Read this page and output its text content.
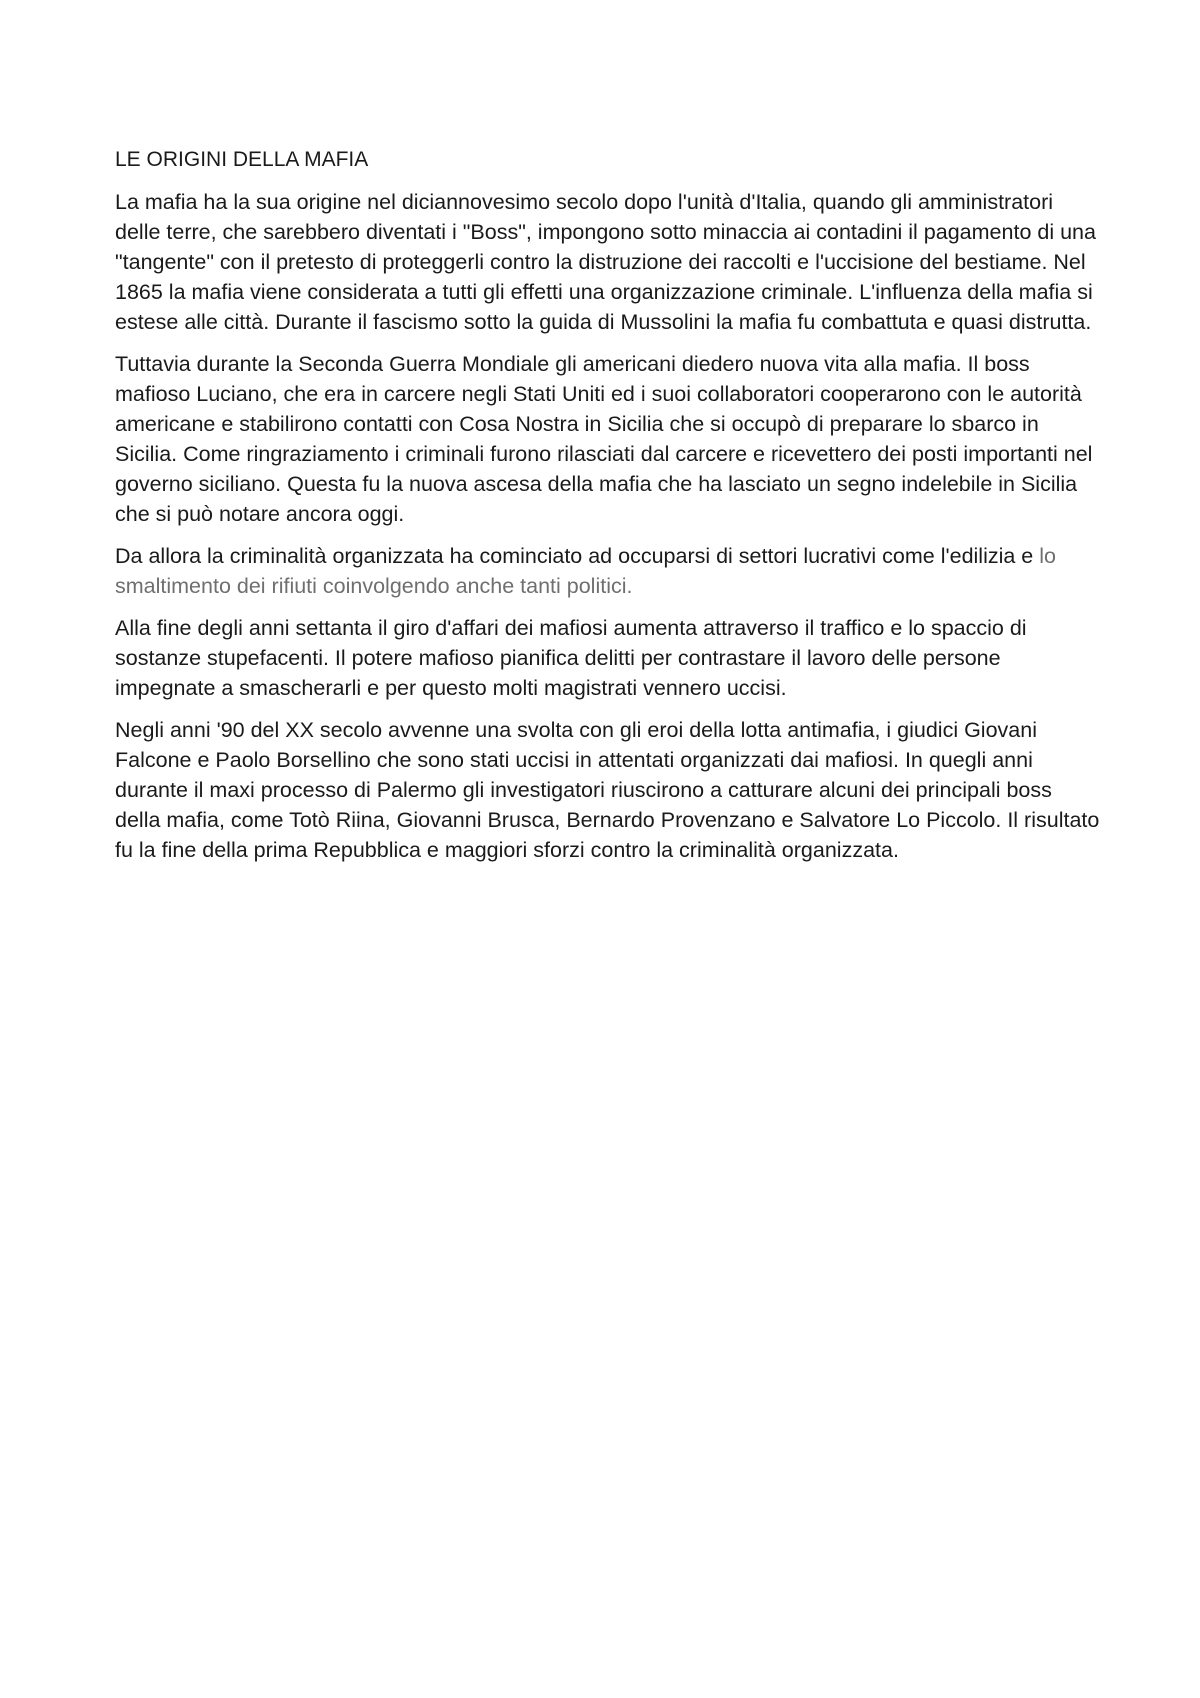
LE ORIGINI DELLA MAFIA

La mafia ha la sua origine nel diciannovesimo secolo dopo l'unità d'Italia, quando gli amministratori delle terre, che sarebbero diventati i "Boss", impongono sotto minaccia ai contadini il pagamento di una "tangente" con il pretesto di proteggerli contro la distruzione dei raccolti e l'uccisione del bestiame. Nel 1865 la mafia viene considerata a tutti gli effetti una organizzazione criminale. L'influenza della mafia si estese alle città. Durante il fascismo sotto la guida di Mussolini la mafia fu combattuta e quasi distrutta.

Tuttavia durante la Seconda Guerra Mondiale gli americani diedero nuova vita alla mafia. Il boss mafioso Luciano, che era in carcere negli Stati Uniti ed i suoi collaboratori cooperarono con le autorità americane e stabilirono contatti con Cosa Nostra in Sicilia che si occupò di preparare lo sbarco in Sicilia. Come ringraziamento i criminali furono rilasciati dal carcere e ricevettero dei posti importanti nel governo siciliano. Questa fu la nuova ascesa della mafia che ha lasciato un segno indelebile in Sicilia che si può notare ancora oggi.

Da allora la criminalità organizzata ha cominciato ad occuparsi di settori lucrativi come l'edilizia e lo smaltimento dei rifiuti coinvolgendo anche tanti politici.

Alla fine degli anni settanta il giro d'affari dei mafiosi aumenta attraverso il traffico e lo spaccio di sostanze stupefacenti. Il potere mafioso pianifica delitti per contrastare il lavoro delle persone impegnate a smascherarli e per questo molti magistrati vennero uccisi.

Negli anni '90 del XX secolo avvenne una svolta con gli eroi della lotta antimafia, i giudici Giovani Falcone e Paolo Borsellino che sono stati uccisi in attentati organizzati dai mafiosi. In quegli anni durante il maxi processo di Palermo gli investigatori riuscirono a catturare alcuni dei principali boss della mafia, come Totò Riina, Giovanni Brusca, Bernardo Provenzano e Salvatore Lo Piccolo. Il risultato fu la fine della prima Repubblica e maggiori sforzi contro la criminalità organizzata.
